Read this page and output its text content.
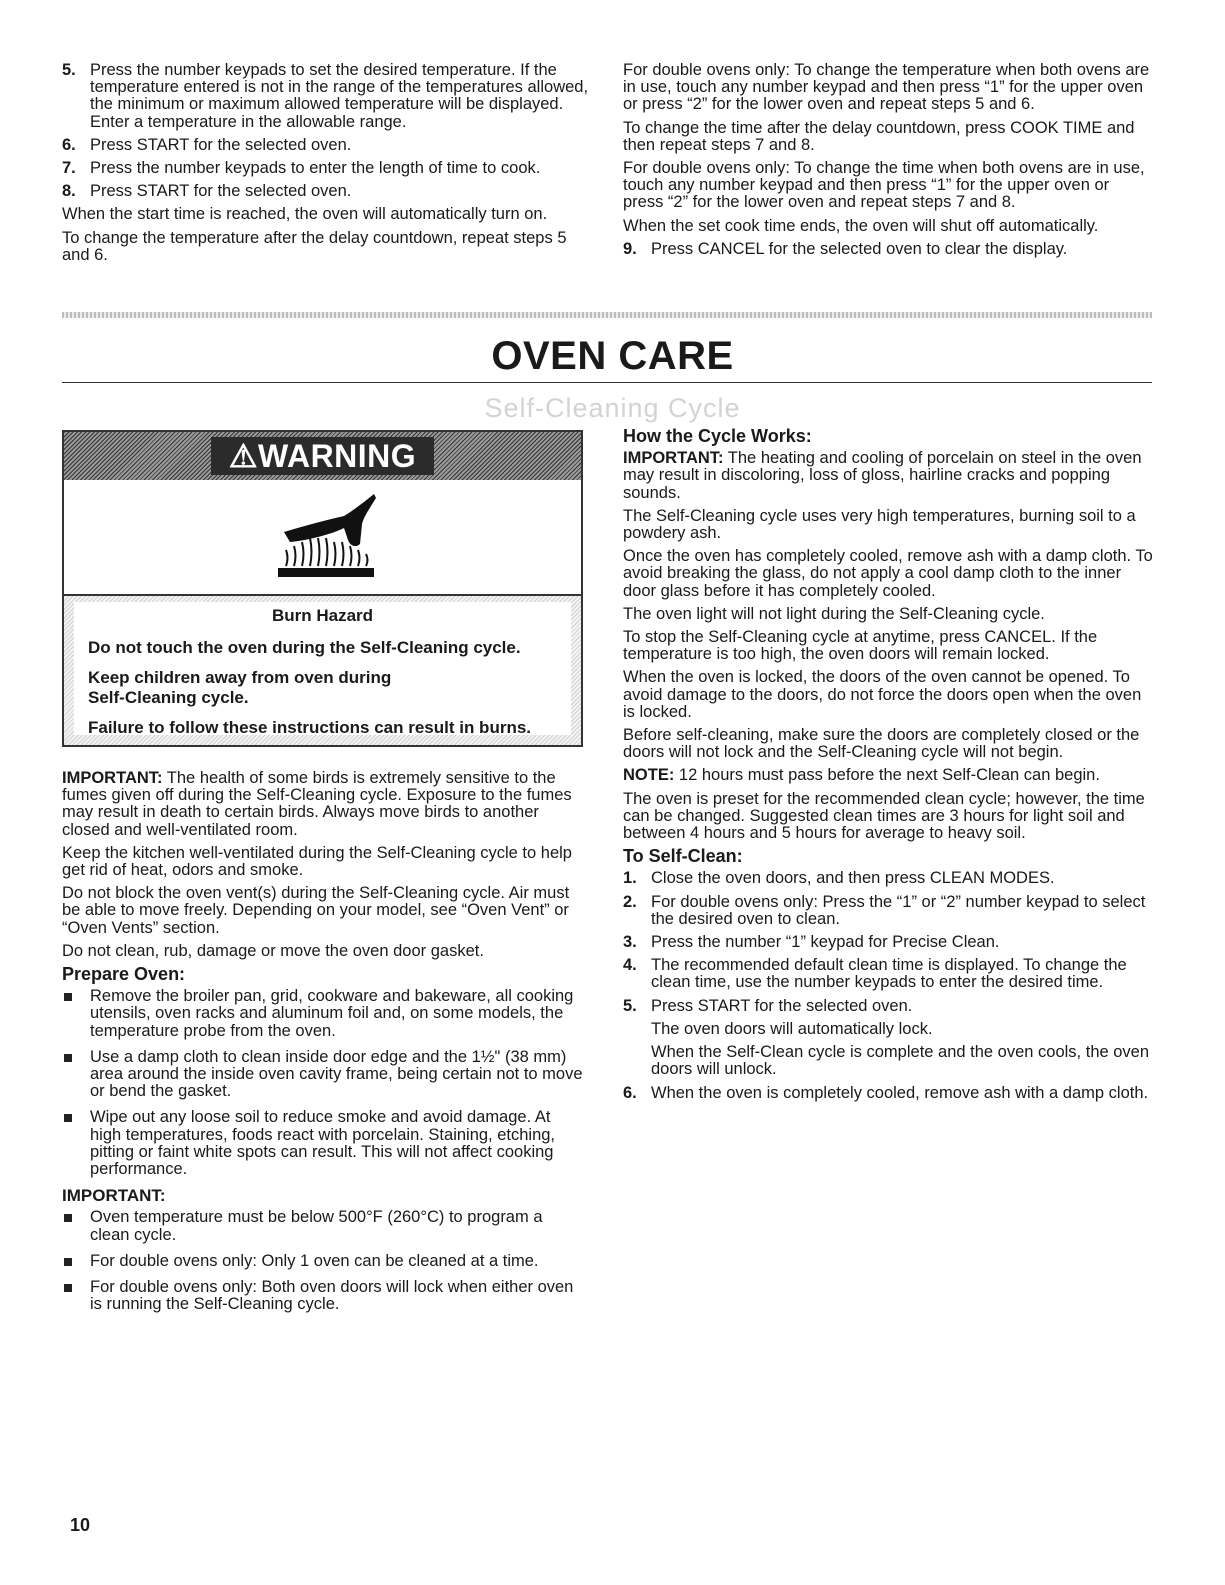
5. Press the number keypads to set the desired temperature. If the temperature entered is not in the range of the temperatures allowed, the minimum or maximum allowed temperature will be displayed. Enter a temperature in the allowable range.
6. Press START for the selected oven.
7. Press the number keypads to enter the length of time to cook.
8. Press START for the selected oven.

When the start time is reached, the oven will automatically turn on.

To change the temperature after the delay countdown, repeat steps 5 and 6.

For double ovens only: To change the temperature when both ovens are in use, touch any number keypad and then press “1” for the upper oven or press “2” for the lower oven and repeat steps 5 and 6.

To change the time after the delay countdown, press COOK TIME and then repeat steps 7 and 8.

For double ovens only: To change the time when both ovens are in use, touch any number keypad and then press “1” for the upper oven or press “2” for the lower oven and repeat steps 7 and 8.

When the set cook time ends, the oven will shut off automatically.

9. Press CANCEL for the selected oven to clear the display.
OVEN CARE
Self-Cleaning Cycle
⚠WARNING

Burn Hazard

Do not touch the oven during the Self-Cleaning cycle.

Keep children away from oven during Self-Cleaning cycle.

Failure to follow these instructions can result in burns.

IMPORTANT: The health of some birds is extremely sensitive to the fumes given off during the Self-Cleaning cycle. Exposure to the fumes may result in death to certain birds. Always move birds to another closed and well-ventilated room.

Keep the kitchen well-ventilated during the Self-Cleaning cycle to help get rid of heat, odors and smoke.

Do not block the oven vent(s) during the Self-Cleaning cycle. Air must be able to move freely. Depending on your model, see “Oven Vent” or “Oven Vents” section.

Do not clean, rub, damage or move the oven door gasket.

Prepare Oven:
Remove the broiler pan, grid, cookware and bakeware, all cooking utensils, oven racks and aluminum foil and, on some models, the temperature probe from the oven.
Use a damp cloth to clean inside door edge and the 1½" (38 mm) area around the inside oven cavity frame, being certain not to move or bend the gasket.
Wipe out any loose soil to reduce smoke and avoid damage. At high temperatures, foods react with porcelain. Staining, etching, pitting or faint white spots can result. This will not affect cooking performance.
IMPORTANT:
Oven temperature must be below 500°F (260°C) to program a clean cycle.
For double ovens only: Only 1 oven can be cleaned at a time.
For double ovens only: Both oven doors will lock when either oven is running the Self-Cleaning cycle.
How the Cycle Works:

IMPORTANT: The heating and cooling of porcelain on steel in the oven may result in discoloring, loss of gloss, hairline cracks and popping sounds.

The Self-Cleaning cycle uses very high temperatures, burning soil to a powdery ash.

Once the oven has completely cooled, remove ash with a damp cloth. To avoid breaking the glass, do not apply a cool damp cloth to the inner door glass before it has completely cooled.

The oven light will not light during the Self-Cleaning cycle.

To stop the Self-Cleaning cycle at anytime, press CANCEL. If the temperature is too high, the oven doors will remain locked.

When the oven is locked, the doors of the oven cannot be opened. To avoid damage to the doors, do not force the doors open when the oven is locked.

Before self-cleaning, make sure the doors are completely closed or the doors will not lock and the Self-Cleaning cycle will not begin.

NOTE: 12 hours must pass before the next Self-Clean can begin.

The oven is preset for the recommended clean cycle; however, the time can be changed. Suggested clean times are 3 hours for light soil and between 4 hours and 5 hours for average to heavy soil.

To Self-Clean:
1. Close the oven doors, and then press CLEAN MODES.
2. For double ovens only: Press the “1” or “2” number keypad to select the desired oven to clean.
3. Press the number “1” keypad for Precise Clean.
4. The recommended default clean time is displayed. To change the clean time, use the number keypads to enter the desired time.
5. Press START for the selected oven.

The oven doors will automatically lock.
When the Self-Clean cycle is complete and the oven cools, the oven doors will unlock.
6. When the oven is completely cooled, remove ash with a damp cloth.
10
